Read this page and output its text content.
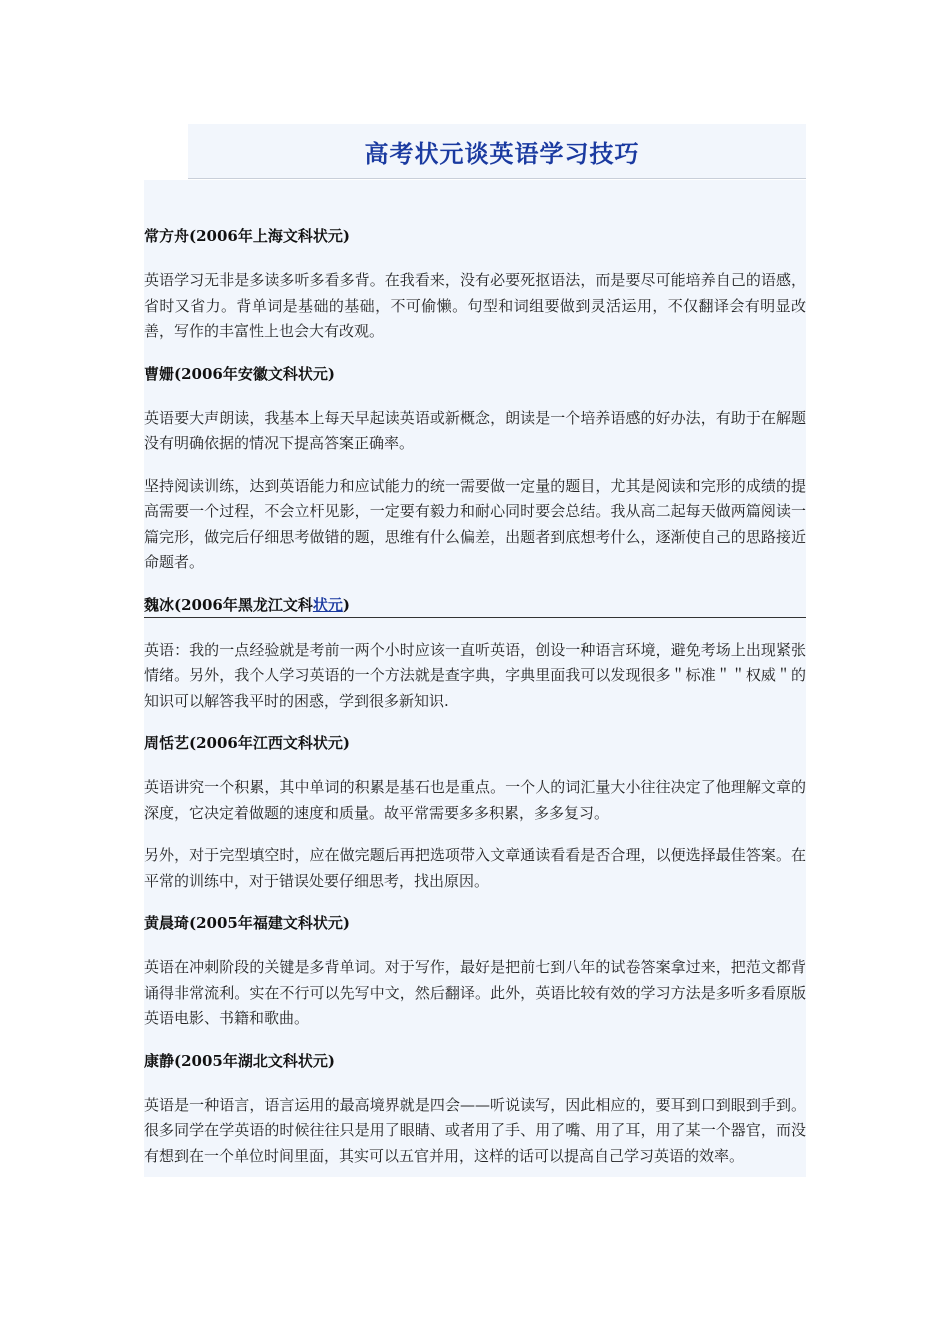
高考状元谈英语学习技巧
常方舟(2006年上海文科状元)

英语学习无非是多读多听多看多背。在我看来，没有必要死抠语法，而是要尽可能培养自己的语感，省时又省力。背单词是基础的基础，不可偷懒。句型和词组要做到灵活运用，不仅翻译会有明显改善，写作的丰富性上也会大有改观。

曹姗(2006年安徽文科状元)

英语要大声朗读，我基本上每天早起读英语或新概念，朗读是一个培养语感的好办法，有助于在解题没有明确依据的情况下提高答案正确率。

坚持阅读训练，达到英语能力和应试能力的统一需要做一定量的题目，尤其是阅读和完形的成绩的提高需要一个过程，不会立杆见影，一定要有毅力和耐心同时要会总结。我从高二起每天做两篇阅读一篇完形，做完后仔细思考做错的题，思维有什么偏差，出题者到底想考什么，逐渐使自己的思路接近命题者。

魏冰(2006年黑龙江文科状元)

英语：我的一点经验就是考前一两个小时应该一直听英语，创设一种语言环境，避免考场上出现紧张情绪。另外，我个人学习英语的一个方法就是查字典，字典里面我可以发现很多＂标准＂＂权威＂的知识可以解答我平时的困惑，学到很多新知识.

周恬艺(2006年江西文科状元)

英语讲究一个积累，其中单词的积累是基石也是重点。一个人的词汇量大小往往决定了他理解文章的深度，它决定着做题的速度和质量。故平常需要多多积累，多多复习。

另外，对于完型填空时，应在做完题后再把选项带入文章通读看看是否合理，以便选择最佳答案。在平常的训练中，对于错误处要仔细思考，找出原因。

黄晨琦(2005年福建文科状元)

英语在冲刺阶段的关键是多背单词。对于写作，最好是把前七到八年的试卷答案拿过来，把范文都背诵得非常流利。实在不行可以先写中文，然后翻译。此外，英语比较有效的学习方法是多听多看原版英语电影、书籍和歌曲。

康静(2005年湖北文科状元)

英语是一种语言，语言运用的最高境界就是四会——听说读写，因此相应的，要耳到口到眼到手到。很多同学在学英语的时候往往只是用了眼睛、或者用了手、用了嘴、用了耳，用了某一个器官，而没有想到在一个单位时间里面，其实可以五官并用，这样的话可以提高自己学习英语的效率。
